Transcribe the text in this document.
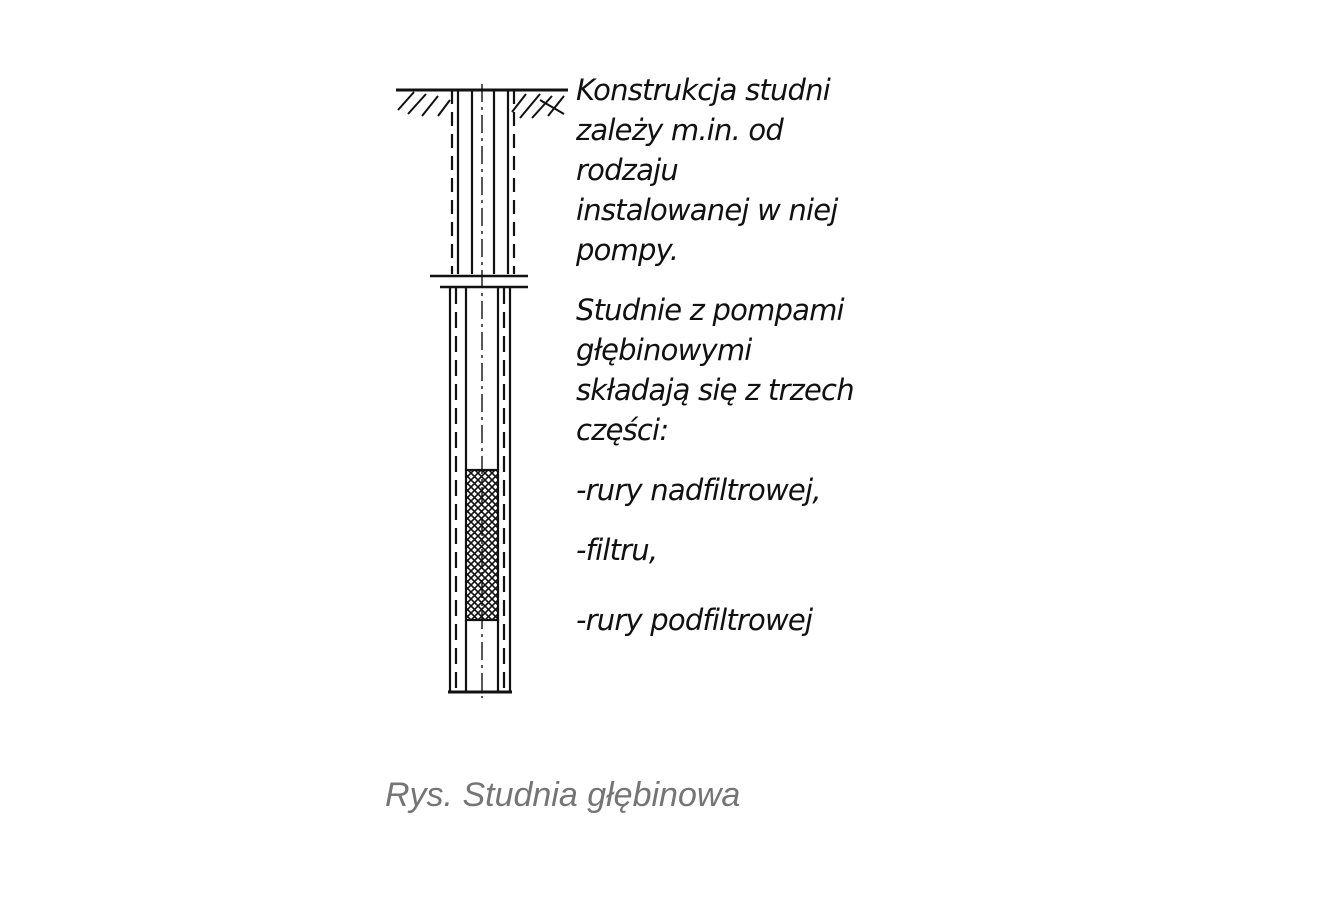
Konstrukcja studni
zależy m.in. od
rodzaju
instalowanej w niej
pompy.

Studnie z pompami
głębinowymi
składają się z trzech
części:

-rury nadfiltrowej,

-filtru,

-rury podfiltrowej

Rys. Studnia głębinowa
